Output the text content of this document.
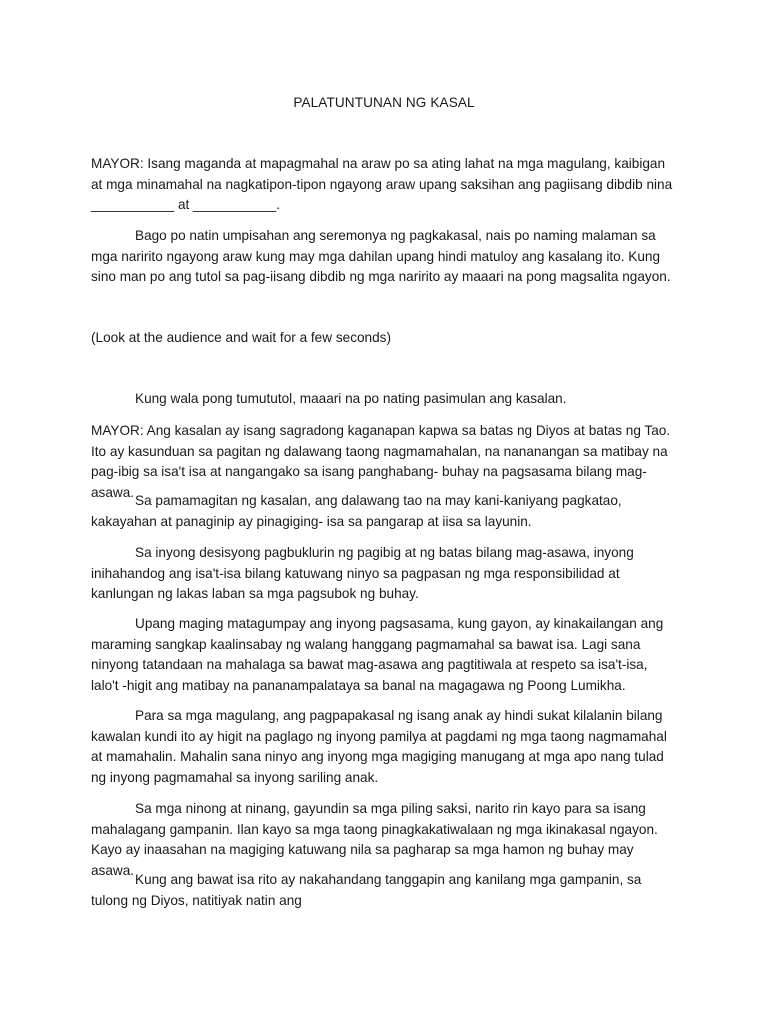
PALATUNTUNAN NG KASAL

MAYOR: Isang maganda at mapagmahal na araw po sa ating lahat na mga magulang, kaibigan at mga minamahal na nagkatipon-tipon ngayong araw upang saksihan ang pagiisang dibdib nina ___________ at ___________.

Bago po natin umpisahan ang seremonya ng pagkakasal, nais po naming malaman sa mga naririto ngayong araw kung may mga dahilan upang hindi matuloy ang kasalang ito. Kung sino man po ang tutol sa pag-iisang dibdib ng mga naririto ay maaari na pong magsalita ngayon.

(Look at the audience and wait for a few seconds)

Kung wala pong tumututol, maaari na po nating pasimulan ang kasalan.

MAYOR: Ang kasalan ay isang sagradong kaganapan kapwa sa batas ng Diyos at batas ng Tao. Ito ay kasunduan sa pagitan ng dalawang taong nagmamahalan, na nananangan sa matibay na pag-ibig sa isa't isa at nangangako sa isang panghabang- buhay na pagsasama bilang mag-asawa.

Sa pamamagitan ng kasalan, ang dalawang tao na may kani-kaniyang pagkatao, kakayahan at panaginip ay pinagiging- isa sa pangarap at iisa sa layunin.

Sa inyong desisyong pagbuklurin ng pagibig at ng batas bilang mag-asawa, inyong inihahandog ang isa't-isa bilang katuwang ninyo sa pagpasan ng mga responsibilidad at kanlungan ng lakas laban sa mga pagsubok ng buhay.

Upang maging matagumpay ang inyong pagsasama, kung gayon, ay kinakailangan ang maraming sangkap kaalinsabay ng walang hanggang pagmamahal sa bawat isa. Lagi sana ninyong tatandaan na mahalaga sa bawat mag-asawa ang pagtitiwala at respeto sa isa't-isa, lalo't -higit ang matibay na pananampalataya sa banal na magagawa ng Poong Lumikha.

Para sa mga magulang, ang pagpapakasal ng isang anak ay hindi sukat kilalanin bilang kawalan kundi ito ay higit na paglago ng inyong pamilya at pagdami ng mga taong nagmamahal at mamahalin. Mahalin sana ninyo ang inyong mga magiging manugang at mga apo nang tulad ng inyong pagmamahal sa inyong sariling anak.

Sa mga ninong at ninang, gayundin sa mga piling saksi, narito rin kayo para sa isang mahalagang gampanin. Ilan kayo sa mga taong pinagkakatiwalaan ng mga ikinakasal ngayon. Kayo ay inaasahan na magiging katuwang nila sa pagharap sa mga hamon ng buhay may asawa.

Kung ang bawat isa rito ay nakahandang tanggapin ang kanilang mga gampanin, sa tulong ng Diyos, natitiyak natin ang
